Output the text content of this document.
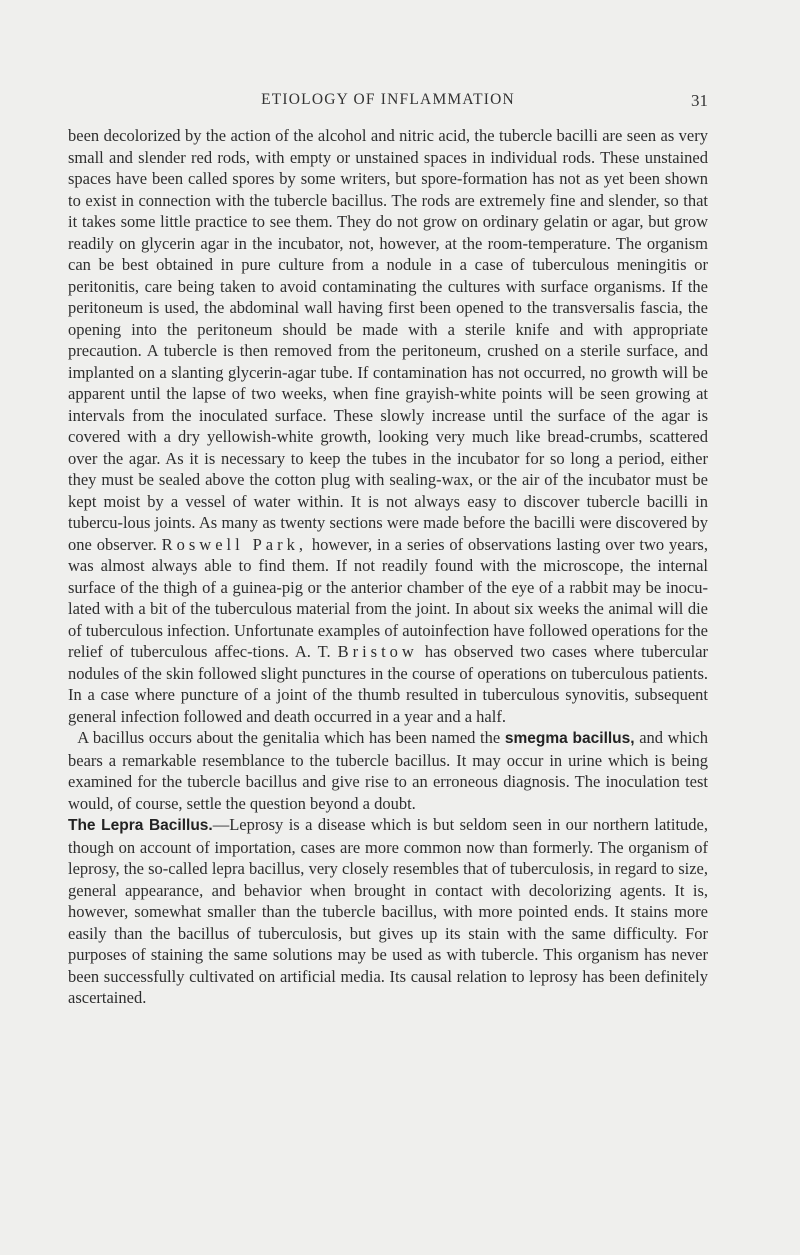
ETIOLOGY OF INFLAMMATION	31

been decolorized by the action of the alcohol and nitric acid, the tubercle bacilli are seen as very small and slender red rods, with empty or unstained spaces in individual rods. These unstained spaces have been called spores by some writers, but spore-formation has not as yet been shown to exist in connection with the tubercle bacillus. The rods are extremely fine and slender, so that it takes some little practice to see them. They do not grow on ordinary gelatin or agar, but grow readily on glycerin agar in the incubator, not, however, at the room-temperature. The organism can be best obtained in pure culture from a nodule in a case of tuberculous meningitis or peritonitis, care being taken to avoid contaminating the cultures with surface organisms. If the peritoneum is used, the abdominal wall having first been opened to the transversalis fascia, the opening into the peritoneum should be made with a sterile knife and with appropriate precaution. A tubercle is then removed from the peritoneum, crushed on a sterile surface, and implanted on a slanting glycerin-agar tube. If contamination has not occurred, no growth will be apparent until the lapse of two weeks, when fine grayish-white points will be seen growing at intervals from the inoculated surface. These slowly increase until the surface of the agar is covered with a dry yellowish-white growth, looking very much like bread-crumbs, scattered over the agar. As it is necessary to keep the tubes in the incubator for so long a period, either they must be sealed above the cotton plug with sealing-wax, or the air of the incubator must be kept moist by a vessel of water within. It is not always easy to discover tubercle bacilli in tubercu-lous joints. As many as twenty sections were made before the bacilli were discovered by one observer. Roswell Park, however, in a series of observations lasting over two years, was almost always able to find them. If not readily found with the microscope, the internal surface of the thigh of a guinea-pig or the anterior chamber of the eye of a rabbit may be inocu-lated with a bit of the tuberculous material from the joint. In about six weeks the animal will die of tuberculous infection. Unfortunate examples of autoinfection have followed operations for the relief of tuberculous affec-tions. A. T. Bristow has observed two cases where tubercular nodules of the skin followed slight punctures in the course of operations on tuberculous patients. In a case where puncture of a joint of the thumb resulted in tuberculous synovitis, subsequent general infection followed and death occurred in a year and a half.

A bacillus occurs about the genitalia which has been named the smegma bacillus, and which bears a remarkable resemblance to the tubercle bacillus. It may occur in urine which is being examined for the tubercle bacillus and give rise to an erroneous diagnosis. The inoculation test would, of course, settle the question beyond a doubt.

The Lepra Bacillus.—Leprosy is a disease which is but seldom seen in our northern latitude, though on account of importation, cases are more common now than formerly. The organism of leprosy, the so-called lepra bacillus, very closely resembles that of tuberculosis, in regard to size, general appearance, and behavior when brought in contact with decolorizing agents. It is, however, somewhat smaller than the tubercle bacillus, with more pointed ends. It stains more easily than the bacillus of tuberculosis, but gives up its stain with the same difficulty. For purposes of staining the same solutions may be used as with tubercle. This organism has never been successfully cultivated on artificial media. Its causal relation to leprosy has been definitely ascertained.
